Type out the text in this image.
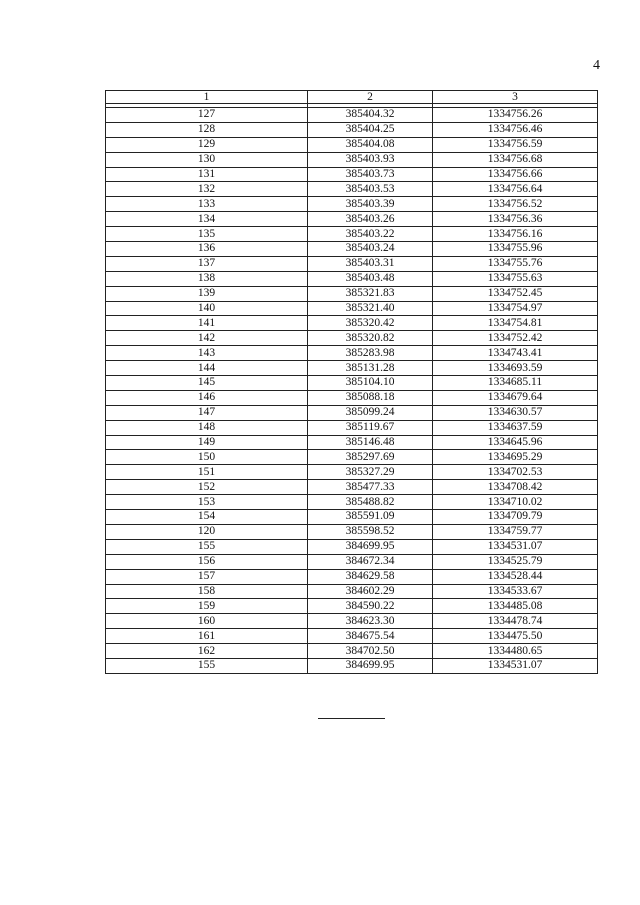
4
1	2	3

127	385404.32	1334756.26
128	385404.25	1334756.46
129	385404.08	1334756.59
130	385403.93	1334756.68
131	385403.73	1334756.66
132	385403.53	1334756.64
133	385403.39	1334756.52
134	385403.26	1334756.36
135	385403.22	1334756.16
136	385403.24	1334755.96
137	385403.31	1334755.76
138	385403.48	1334755.63
139	385321.83	1334752.45
140	385321.40	1334754.97
141	385320.42	1334754.81
142	385320.82	1334752.42
143	385283.98	1334743.41
144	385131.28	1334693.59
145	385104.10	1334685.11
146	385088.18	1334679.64
147	385099.24	1334630.57
148	385119.67	1334637.59
149	385146.48	1334645.96
150	385297.69	1334695.29
151	385327.29	1334702.53
152	385477.33	1334708.42
153	385488.82	1334710.02
154	385591.09	1334709.79
120	385598.52	1334759.77
155	384699.95	1334531.07
156	384672.34	1334525.79
157	384629.58	1334528.44
158	384602.29	1334533.67
159	384590.22	1334485.08
160	384623.30	1334478.74
161	384675.54	1334475.50
162	384702.50	1334480.65
155	384699.95	1334531.07
